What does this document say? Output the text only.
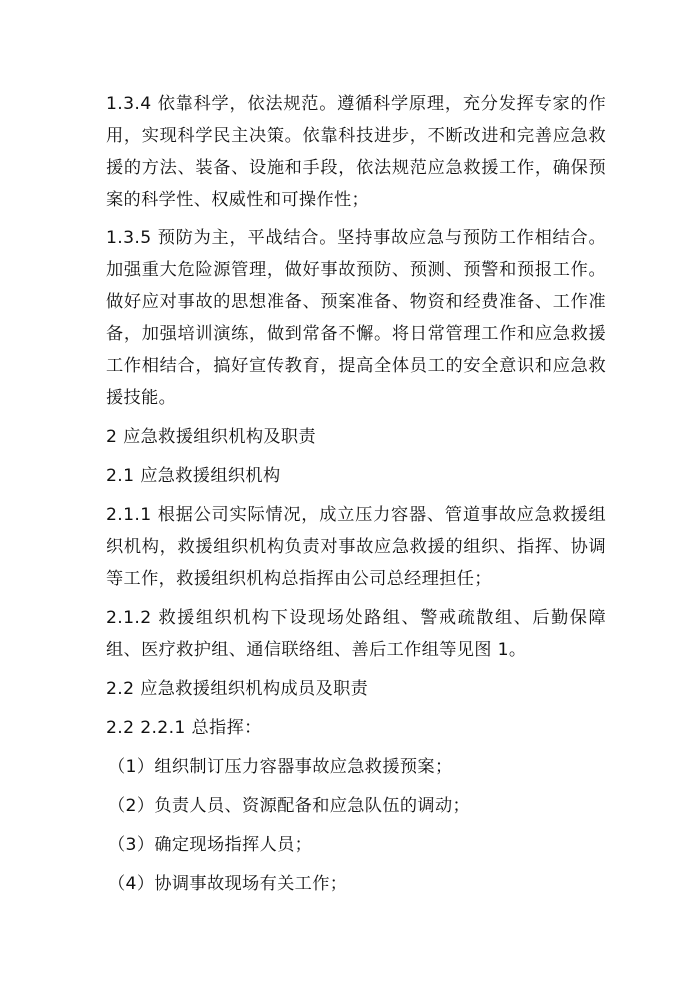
1.3.4 依靠科学，依法规范。遵循科学原理，充分发挥专家的作用，实现科学民主决策。依靠科技进步，不断改进和完善应急救援的方法、装备、设施和手段，依法规范应急救援工作，确保预案的科学性、权威性和可操作性；

1.3.5 预防为主，平战结合。坚持事故应急与预防工作相结合。加强重大危险源管理，做好事故预防、预测、预警和预报工作。做好应对事故的思想准备、预案准备、物资和经费准备、工作准备，加强培训演练，做到常备不懈。将日常管理工作和应急救援工作相结合，搞好宣传教育，提高全体员工的安全意识和应急救援技能。

2 应急救援组织机构及职责

2.1 应急救援组织机构

2.1.1 根据公司实际情况，成立压力容器、管道事故应急救援组织机构，救援组织机构负责对事故应急救援的组织、指挥、协调等工作，救援组织机构总指挥由公司总经理担任；

2.1.2 救援组织机构下设现场处路组、警戒疏散组、后勤保障组、医疗救护组、通信联络组、善后工作组等见图 1。

2.2 应急救援组织机构成员及职责

2.2 2.2.1 总指挥：

（1）组织制订压力容器事故应急救援预案；

（2）负责人员、资源配备和应急队伍的调动；

（3）确定现场指挥人员；

（4）协调事故现场有关工作；
